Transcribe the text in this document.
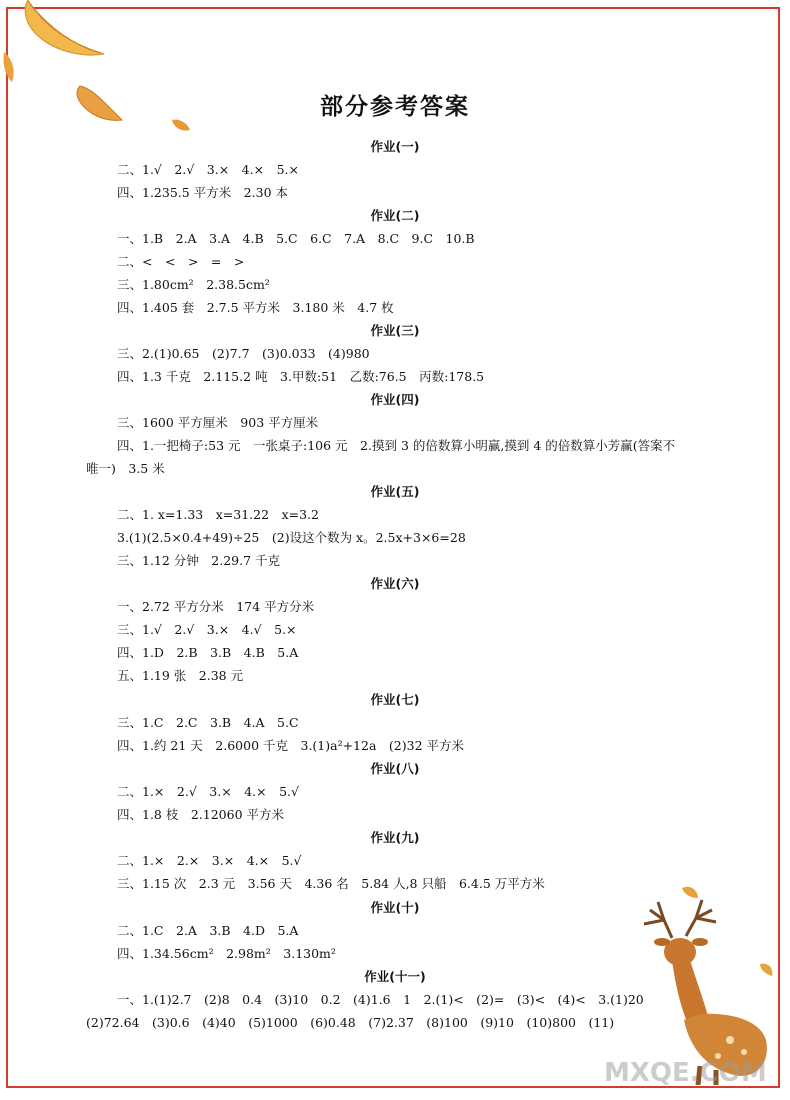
部分参考答案
作业(一)
二、1.√　2.√　3.×　4.×　5.×
四、1.235.5 平方米　2.30 本
作业(二)
一、1.B　2.A　3.A　4.B　5.C　6.C　7.A　8.C　9.C　10.B
二、<　<　>　=　>
三、1.80cm²　2.38.5cm²
四、1.405 套　2.7.5 平方米　3.180 米　4.7 枚
作业(三)
三、2.(1)0.65　(2)7.7　(3)0.033　(4)980
四、1.3 千克　2.115.2 吨　3.甲数:51　乙数:76.5　丙数:178.5
作业(四)
三、1600 平方厘米　903 平方厘米
四、1.一把椅子:53 元　一张桌子:106 元　2.摸到 3 的倍数算小明赢,摸到 4 的倍数算小芳赢(答案不
唯一)　3.5 米
作业(五)
二、1. x=1.33　x=31.22　x=3.2
3.(1)(2.5×0.4+49)÷25　(2)设这个数为 x。2.5x+3×6=28
三、1.12 分钟　2.29.7 千克
作业(六)
一、2.72 平方分米　174 平方分米
三、1.√　2.√　3.×　4.√　5.×
四、1.D　2.B　3.B　4.B　5.A
五、1.19 张　2.38 元
作业(七)
三、1.C　2.C　3.B　4.A　5.C
四、1.约 21 天　2.6000 千克　3.(1)a²+12a　(2)32 平方米
作业(八)
二、1.×　2.√　3.×　4.×　5.√
四、1.8 枝　2.12060 平方米
作业(九)
二、1.×　2.×　3.×　4.×　5.√
三、1.15 次　2.3 元　3.56 天　4.36 名　5.84 人,8 只船　6.4.5 万平方米
作业(十)
二、1.C　2.A　3.B　4.D　5.A
四、1.34.56cm²　2.98m²　3.130m²
作业(十一)
一、1.(1)2.7　(2)8　0.4　(3)10　0.2　(4)1.6　1　2.(1)<　(2)=　(3)<　(4)<　3.(1)20
(2)72.64　(3)0.6　(4)40　(5)1000　(6)0.48　(7)2.37　(8)100　(9)10　(10)800　(11)
MXQE.COM
